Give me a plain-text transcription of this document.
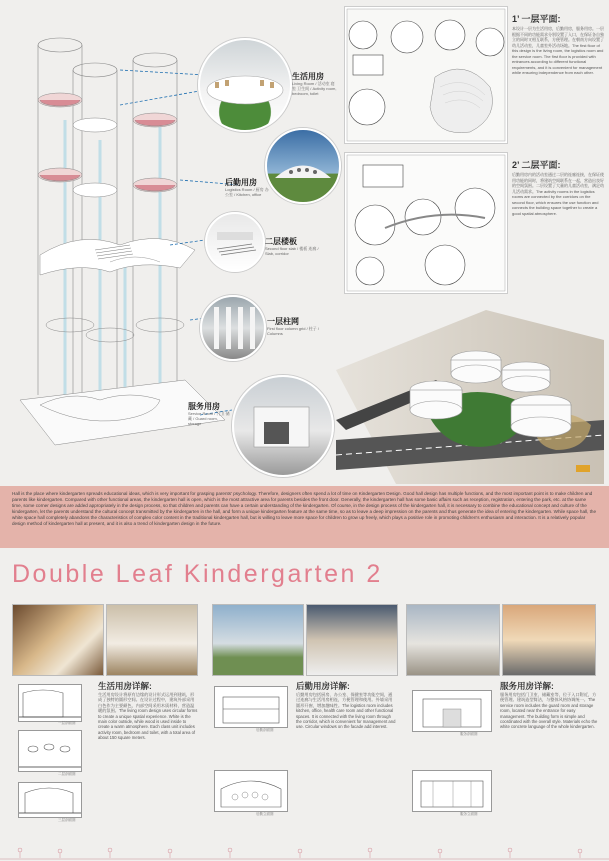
生活用房
Living Room / 活动室 寝室 卫生间 / Activity room, bedroom, toilet
后勤用房
Logistics Room / 厨房 办公室 / Kitchen, office
二层楼板
Second floor slab / 楼板 连廊 / Slab, corridor
一层柱网
First floor column grid / 柱子 / Columns
服务用房
Service Room / 门卫 储藏 / Guard room, storage
1’ 一层平面:
本设计一层为生活用房，后勤用房，服务用房。一层根据不同的功能需求分别设置了入口，在保证各自独立的同时又相互联系，方便管理。在朝南方向设置了幼儿活动室，儿童室外活动场地。The first floor of this design is the living room, the logistics room and the service room. The first floor is provided with entrances according to different functional requirements, and it is convenient for management while ensuring independence from each other.
2’ 二层平面:
后勤用房内的活动室通过二层的连廊连接，在保证使用功能的同时，将建筑空间联系在一起，营造出良好的空间氛围。二层设置了大量的儿童活动室，满足幼儿活动需求。The activity rooms in the logistics rooms are connected by the corridors on the second floor, which ensures the use function and connects the building space together to create a good spatial atmosphere.

Hall is the place where kindergarten spreads educational ideas, which is very important for grasping parents' psychology. Therefore, designers often spend a lot of time on Kindergarten Design. Good hall design has multiple functions, and the most important point is to make children and parents like kindergarten. Compared with other functional areas, the kindergarten hall is open, which is the most attractive area for parents besides the front door. Generally, the kindergarten hall has some basic affairs such as reception, registration, entering the park, etc. at the same time, some corner designs are added appropriately in the design process, so that children and parents can have a certain understanding of the kindergarten. Of course, in the design process of the kindergarten hall, it is necessary to combine the educational concept and culture of the kindergarten, let the parents understand the cultural concept transmitted by the kindergarten in the hall, and form a unique kindergarten feature at the same time, so as to leave a deep impression on the parents and thus generate the idea of entering the kindergarten. While space hall, the white space hall completely abandons the characteristics of complex color content in the traditional kindergarten hall, but is willing to leave more space for children to grow up freely, which plays a positive role in promoting children's enthusiasm and interaction. It is a relatively popular design method of kindergarten hall at present, and it is also a trend of kindergarten design in the future.

Double Leaf Kindergarten 2
生活用房详解:
生活用房设计将原有边缘的设计形式运用到建筑，形成了独特的圆形空间。在设计过程中，建筑外部采用白色作为主要颜色，内部空间采用木质材料，营造温暖的氛围。The living room design uses circular forms to create a unique spatial experience. White is the main color outside, while wood is used inside to create a warm atmosphere. Each class unit includes activity room, bedroom and toilet, with a total area of about 150 square meters.
一层剖面图
二层剖面图
三层剖面图
后勤用房详解:
后勤用房包括厨房、办公室、保健室等功能空间，通过连廊与生活用房相连，方便管理和使用。外墙采用圆形开窗，增加趣味性。The logistics room includes kitchen, office, health care room and other functional spaces. It is connected with the living room through the corridor, which is convenient for management and use. Circular windows on the facade add interest.
后勤剖面图
后勤立面图
服务用房详解:
服务用房包括门卫室、储藏室等，位于入口附近，方便管理。建筑造型简洁，与整体风格协调统一。The service room includes the guard room and storage room, located near the entrance for easy management. The building form is simple and coordinated with the overall style. Materials echo the white concrete language of the whole kindergarten.
服务剖面图
服务立面图
